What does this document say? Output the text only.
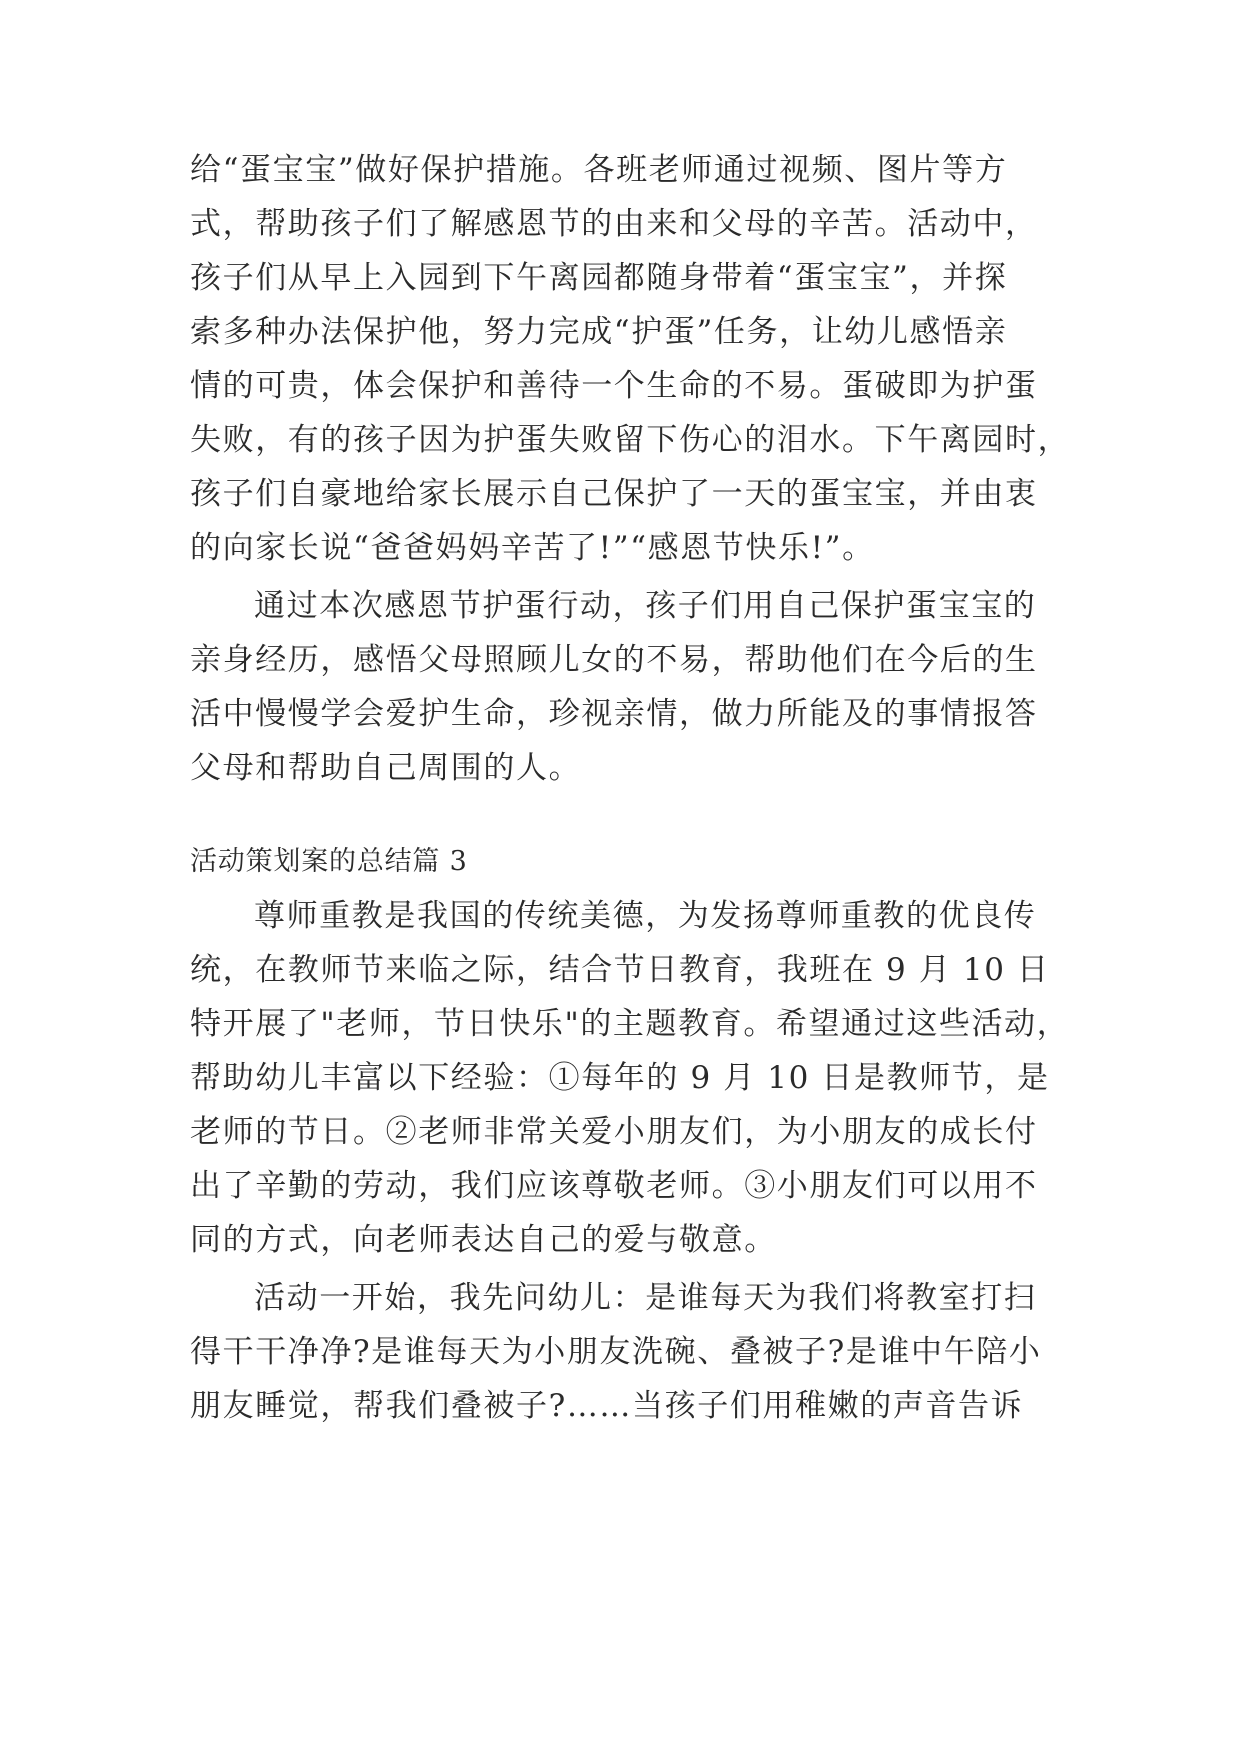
给“蛋宝宝”做好保护措施。各班老师通过视频、图片等方
式，帮助孩子们了解感恩节的由来和父母的辛苦。活动中，
孩子们从早上入园到下午离园都随身带着“蛋宝宝”，并探
索多种办法保护他，努力完成“护蛋”任务，让幼儿感悟亲
情的可贵，体会保护和善待一个生命的不易。蛋破即为护蛋
失败，有的孩子因为护蛋失败留下伤心的泪水。下午离园时，
孩子们自豪地给家长展示自己保护了一天的蛋宝宝，并由衷
的向家长说“爸爸妈妈辛苦了!”“感恩节快乐!”。
通过本次感恩节护蛋行动，孩子们用自己保护蛋宝宝的
亲身经历，感悟父母照顾儿女的不易，帮助他们在今后的生
活中慢慢学会爱护生命，珍视亲情，做力所能及的事情报答
父母和帮助自己周围的人。
活动策划案的总结篇 3
尊师重教是我国的传统美德，为发扬尊师重教的优良传
统，在教师节来临之际，结合节日教育，我班在 9 月 10 日
特开展了"老师，节日快乐"的主题教育。希望通过这些活动，
帮助幼儿丰富以下经验：①每年的 9 月 10 日是教师节，是
老师的节日。②老师非常关爱小朋友们，为小朋友的成长付
出了辛勤的劳动，我们应该尊敬老师。③小朋友们可以用不
同的方式，向老师表达自己的爱与敬意。
活动一开始，我先问幼儿：是谁每天为我们将教室打扫
得干干净净?是谁每天为小朋友洗碗、叠被子?是谁中午陪小
朋友睡觉，帮我们叠被子?……当孩子们用稚嫩的声音告诉
